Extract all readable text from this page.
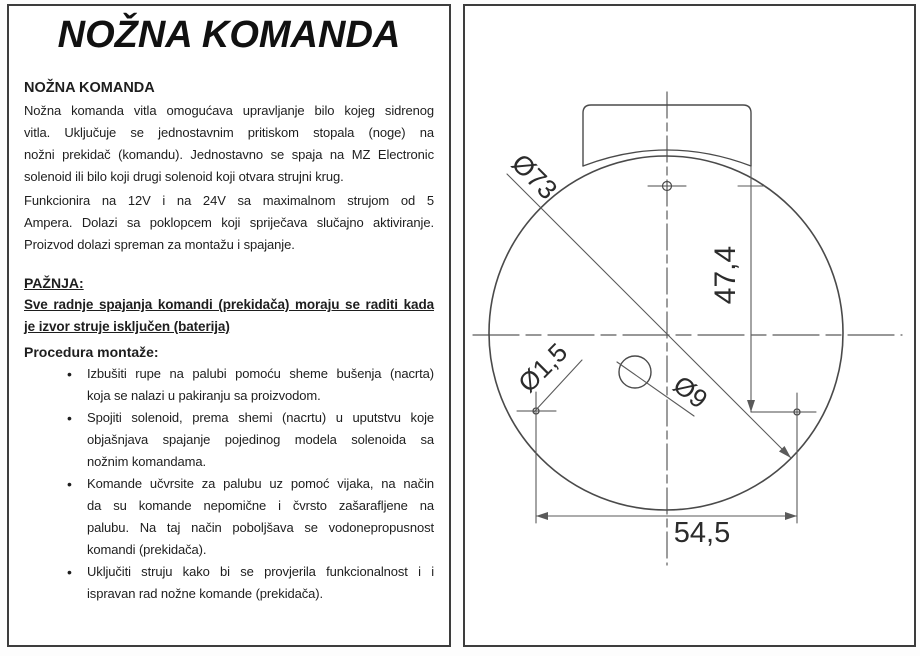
NOŽNA KOMANDA
NOŽNA KOMANDA
Nožna komanda vitla omogućava upravljanje bilo kojeg sidrenog
vitla. Uključuje se jednostavnim pritiskom stopala (noge) na
nožni prekidač (komandu). Jednostavno se spaja na MZ Electronic
solenoid ili bilo koji drugi solenoid koji otvara strujni krug.
Funkcionira na 12V i na 24V sa maximalnom strujom od 5
Ampera. Dolazi sa poklopcem koji spriječava slučajno aktiviranje.
Proizvod dolazi spreman za montažu i spajanje.
PAŽNJA:
Sve radnje spajanja komandi (prekidača) moraju se raditi kada
je izvor struje isključen (baterija)
Procedura montaže:
• Izbušiti rupe na palubi pomoću sheme bušenja (nacrta)
koja se nalazi u pakiranju sa proizvodom.
• Spojiti solenoid, prema shemi (nacrtu) u uputstvu koje
objašnjava spajanje pojedinog modela solenoida sa
nožnim komandama.
• Komande učvrsite za palubu uz pomoć vijaka, na način
da su komande nepomične i čvrsto zašarafljene na
palubu. Na taj način poboljšava se vodonepropusnost
komandi (prekidača).
• Uključiti struju kako bi se provjerila funkcionalnost i i
ispravan rad nožne komande (prekidača).
Ø73
47,4
Ø1,5	Ø9
54,5
